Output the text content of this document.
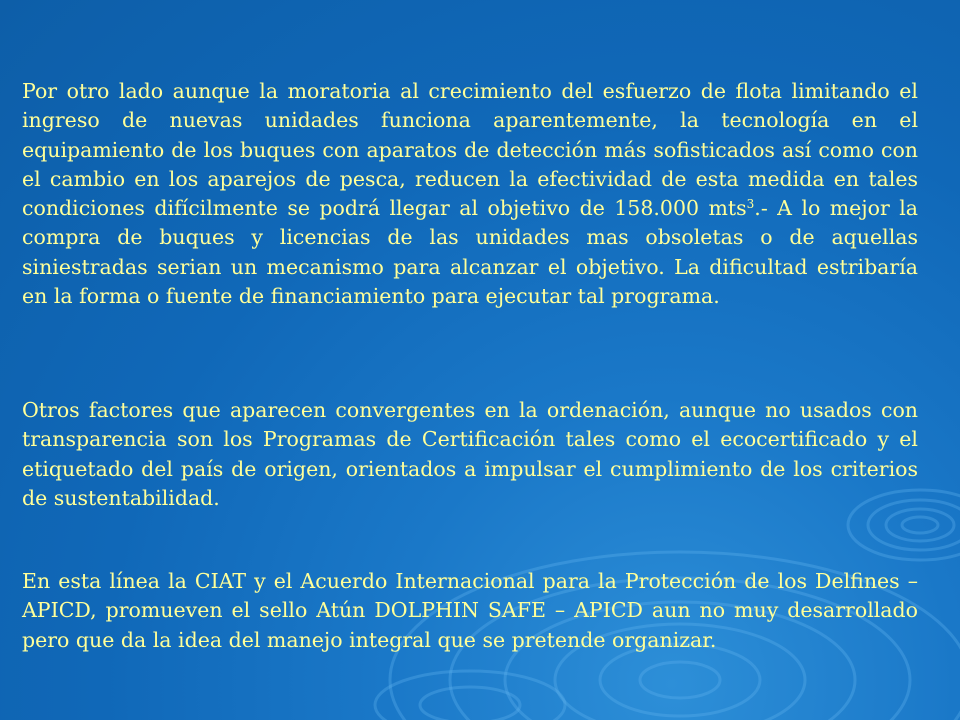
Por otro lado aunque la moratoria al crecimiento del esfuerzo de flota limitando el ingreso de nuevas unidades funciona aparentemente, la tecnología en el equipamiento de los buques con aparatos de detección más sofisticados así como con el cambio en los aparejos de pesca, reducen la efectividad de esta medida en tales condiciones difícilmente se podrá llegar al objetivo de 158.000 mts$^3$.- A lo mejor la compra de buques y licencias de las unidades mas obsoletas o de aquellas siniestradas serian un mecanismo para alcanzar el objetivo. La dificultad estribaría en la forma o fuente de financiamiento para ejecutar tal programa.
Otros factores que aparecen convergentes en la ordenación, aunque no usados con transparencia son los Programas de Certificación tales como el ecocertificado y el etiquetado del país de origen, orientados a impulsar el cumplimiento de los criterios de sustentabilidad.
En esta línea la CIAT y el Acuerdo Internacional para la Protección de los Delfines – APICD, promueven el sello Atún DOLPHIN SAFE – APICD aun no muy desarrollado pero que da la idea del manejo integral que se pretende organizar.
